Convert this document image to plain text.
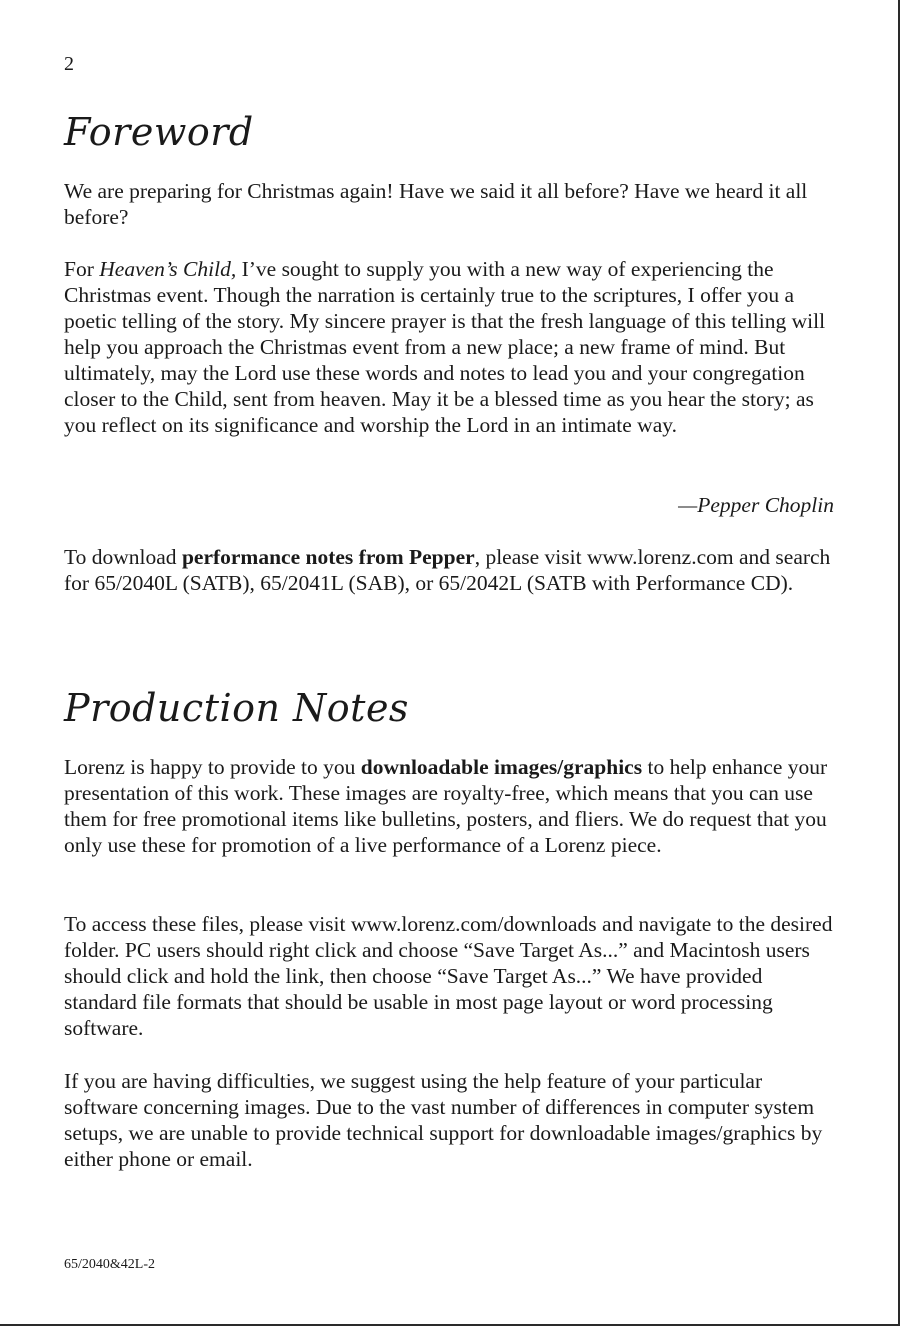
2
Foreword

We are preparing for Christmas again! Have we said it all before? Have we heard it all before?

For Heaven’s Child, I’ve sought to supply you with a new way of experiencing the Christmas event. Though the narration is certainly true to the scriptures, I offer you a poetic telling of the story. My sincere prayer is that the fresh language of this telling will help you approach the Christmas event from a new place; a new frame of mind. But ultimately, may the Lord use these words and notes to lead you and your congregation closer to the Child, sent from heaven. May it be a blessed time as you hear the story; as you reflect on its significance and worship the Lord in an intimate way.

—Pepper Choplin

To download performance notes from Pepper, please visit www.lorenz.com and search for 65/2040L (SATB), 65/2041L (SAB), or 65/2042L (SATB with Performance CD).

Production Notes

Lorenz is happy to provide to you downloadable images/graphics to help enhance your presentation of this work. These images are royalty-free, which means that you can use them for free promotional items like bulletins, posters, and fliers. We do request that you only use these for promotion of a live performance of a Lorenz piece.

To access these files, please visit www.lorenz.com/downloads and navigate to the desired folder. PC users should right click and choose “Save Target As...” and Macintosh users should click and hold the link, then choose “Save Target As...” We have provided standard file formats that should be usable in most page layout or word processing software.

If you are having difficulties, we suggest using the help feature of your particular software concerning images. Due to the vast number of differences in computer system setups, we are unable to provide technical support for downloadable images/graphics by either phone or email.

65/2040&42L-2
